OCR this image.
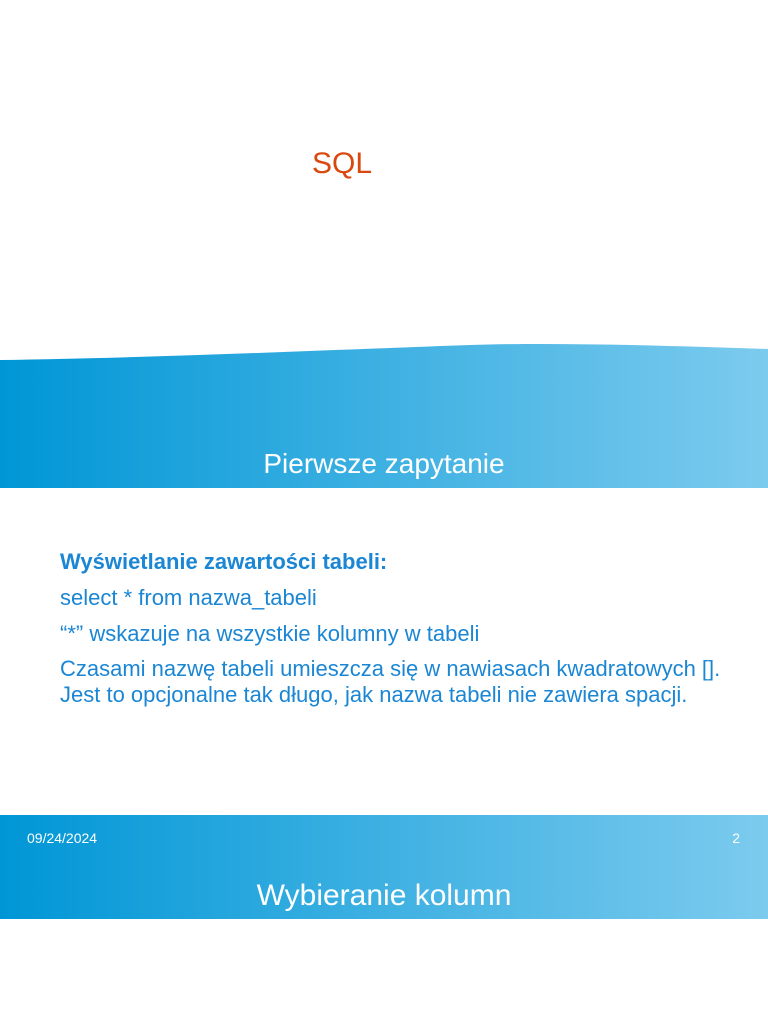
SQL
Pierwsze zapytanie
Wyświetlanie zawartości tabeli:
select * from nazwa_tabeli
“*” wskazuje na wszystkie kolumny w tabeli
Czasami nazwę tabeli umieszcza się w nawiasach kwadratowych []. Jest to opcjonalne tak długo, jak nazwa tabeli nie zawiera spacji.
09/24/2024	2
Wybieranie kolumn
